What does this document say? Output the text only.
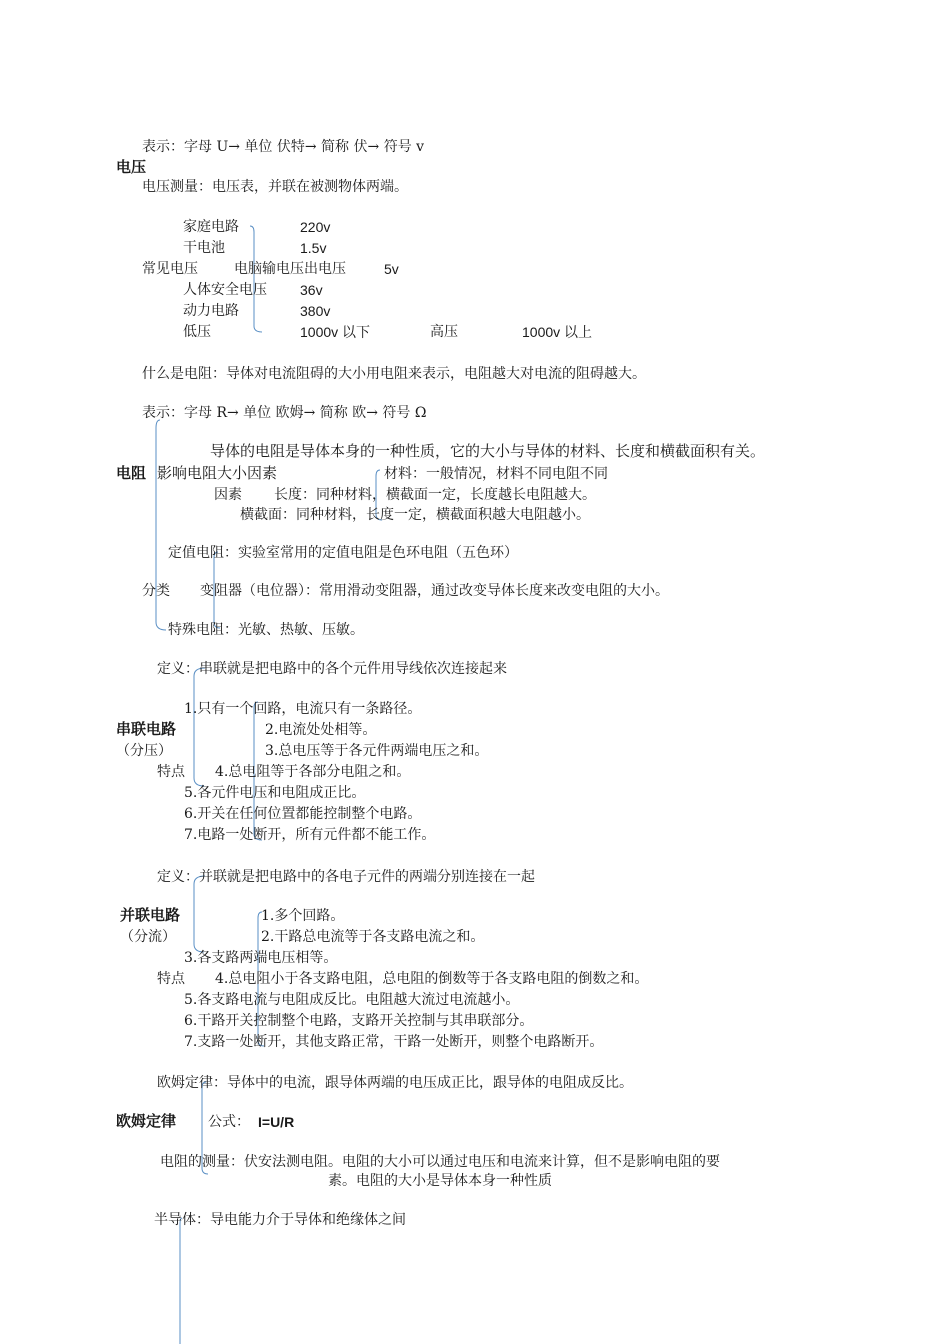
表示：字母 U→ 单位 伏特→ 简称 伏→ 符号 v
电压
电压测量：电压表，并联在被测物体两端。
家庭电路	220v
干电池	1.5v
常见电压	电脑输电压出电压	5v
人体安全电压 36v
动力电路	380v
低压	1000v 以下	高压	1000v 以上
什么是电阻：导体对电流阻碍的大小用电阻来表示，电阻越大对电流的阻碍越大。
表示：字母 R→ 单位 欧姆→ 简称 欧→ 符号 Ω
导体的电阻是导体本身的一种性质，它的大小与导体的材料、长度和横截面积有关。
电阻 影响电阻大小因素	材料：一般情况，材料不同电阻不同
因素 长度：同种材料，横截面一定，长度越长电阻越大。
横截面：同种材料，长度一定，横截面积越大电阻越小。
定值电阻：实验室常用的定值电阻是色环电阻（五色环）
分类 变阻器（电位器）：常用滑动变阻器，通过改变导体长度来改变电阻的大小。
特殊电阻：光敏、热敏、压敏。
定义：串联就是把电路中的各个元件用导线依次连接起来
1.只有一个回路，电流只有一条路径。
串联电路	2.电流处处相等。
（分压）	3.总电压等于各元件两端电压之和。
特点 4.总电阻等于各部分电阻之和。
5.各元件电压和电阻成正比。
6.开关在任何位置都能控制整个电路。
7.电路一处断开，所有元件都不能工作。
定义：并联就是把电路中的各电子元件的两端分别连接在一起
并联电路	1.多个回路。
（分流）	2.干路总电流等于各支路电流之和。
3.各支路两端电压相等。
特点 4.总电阻小于各支路电阻，总电阻的倒数等于各支路电阻的倒数之和。
5.各支路电流与电阻成反比。电阻越大流过电流越小。
6.干路开关控制整个电路，支路开关控制与其串联部分。
7.支路一处断开，其他支路正常，干路一处断开，则整个电路断开。
欧姆定律：导体中的电流，跟导体两端的电压成正比，跟导体的电阻成反比。
欧姆定律 公式： I=U/R
电阻的测量：伏安法测电阻。电阻的大小可以通过电压和电流来计算，但不是影响电阻的要
素。电阻的大小是导体本身一种性质
半导体：导电能力介于导体和绝缘体之间
